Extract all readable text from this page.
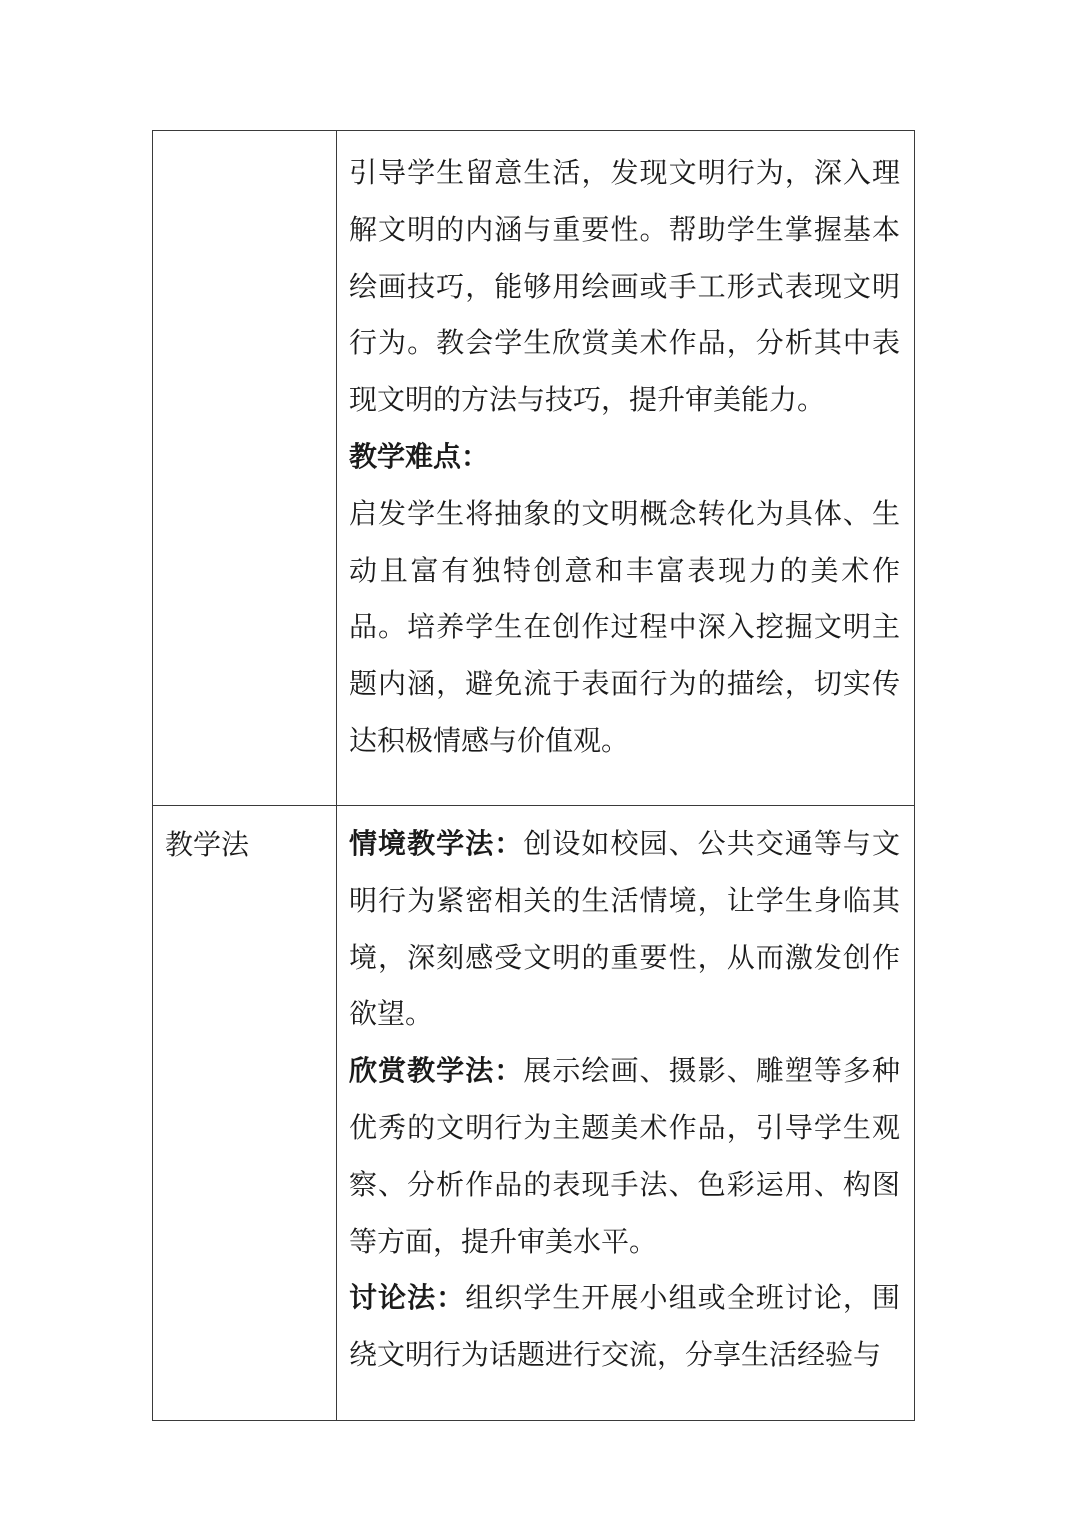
	引导学生留意生活，发现文明行为，深入理解文明的内涵与重要性。帮助学生掌握基本绘画技巧，能够用绘画或手工形式表现文明行为。教会学生欣赏美术作品，分析其中表现文明的方法与技巧，提升审美能力。

教学难点：

启发学生将抽象的文明概念转化为具体、生动且富有独特创意和丰富表现力的美术作品。培养学生在创作过程中深入挖掘文明主题内涵，避免流于表面行为的描绘，切实传达积极情感与价值观。

教学法	情境教学法：创设如校园、公共交通等与文明行为紧密相关的生活情境，让学生身临其境，深刻感受文明的重要性，从而激发创作欲望。

欣赏教学法：展示绘画、摄影、雕塑等多种优秀的文明行为主题美术作品，引导学生观察、分析作品的表现手法、色彩运用、构图等方面，提升审美水平。

讨论法：组织学生开展小组或全班讨论，围绕文明行为话题进行交流，分享生活经验与
